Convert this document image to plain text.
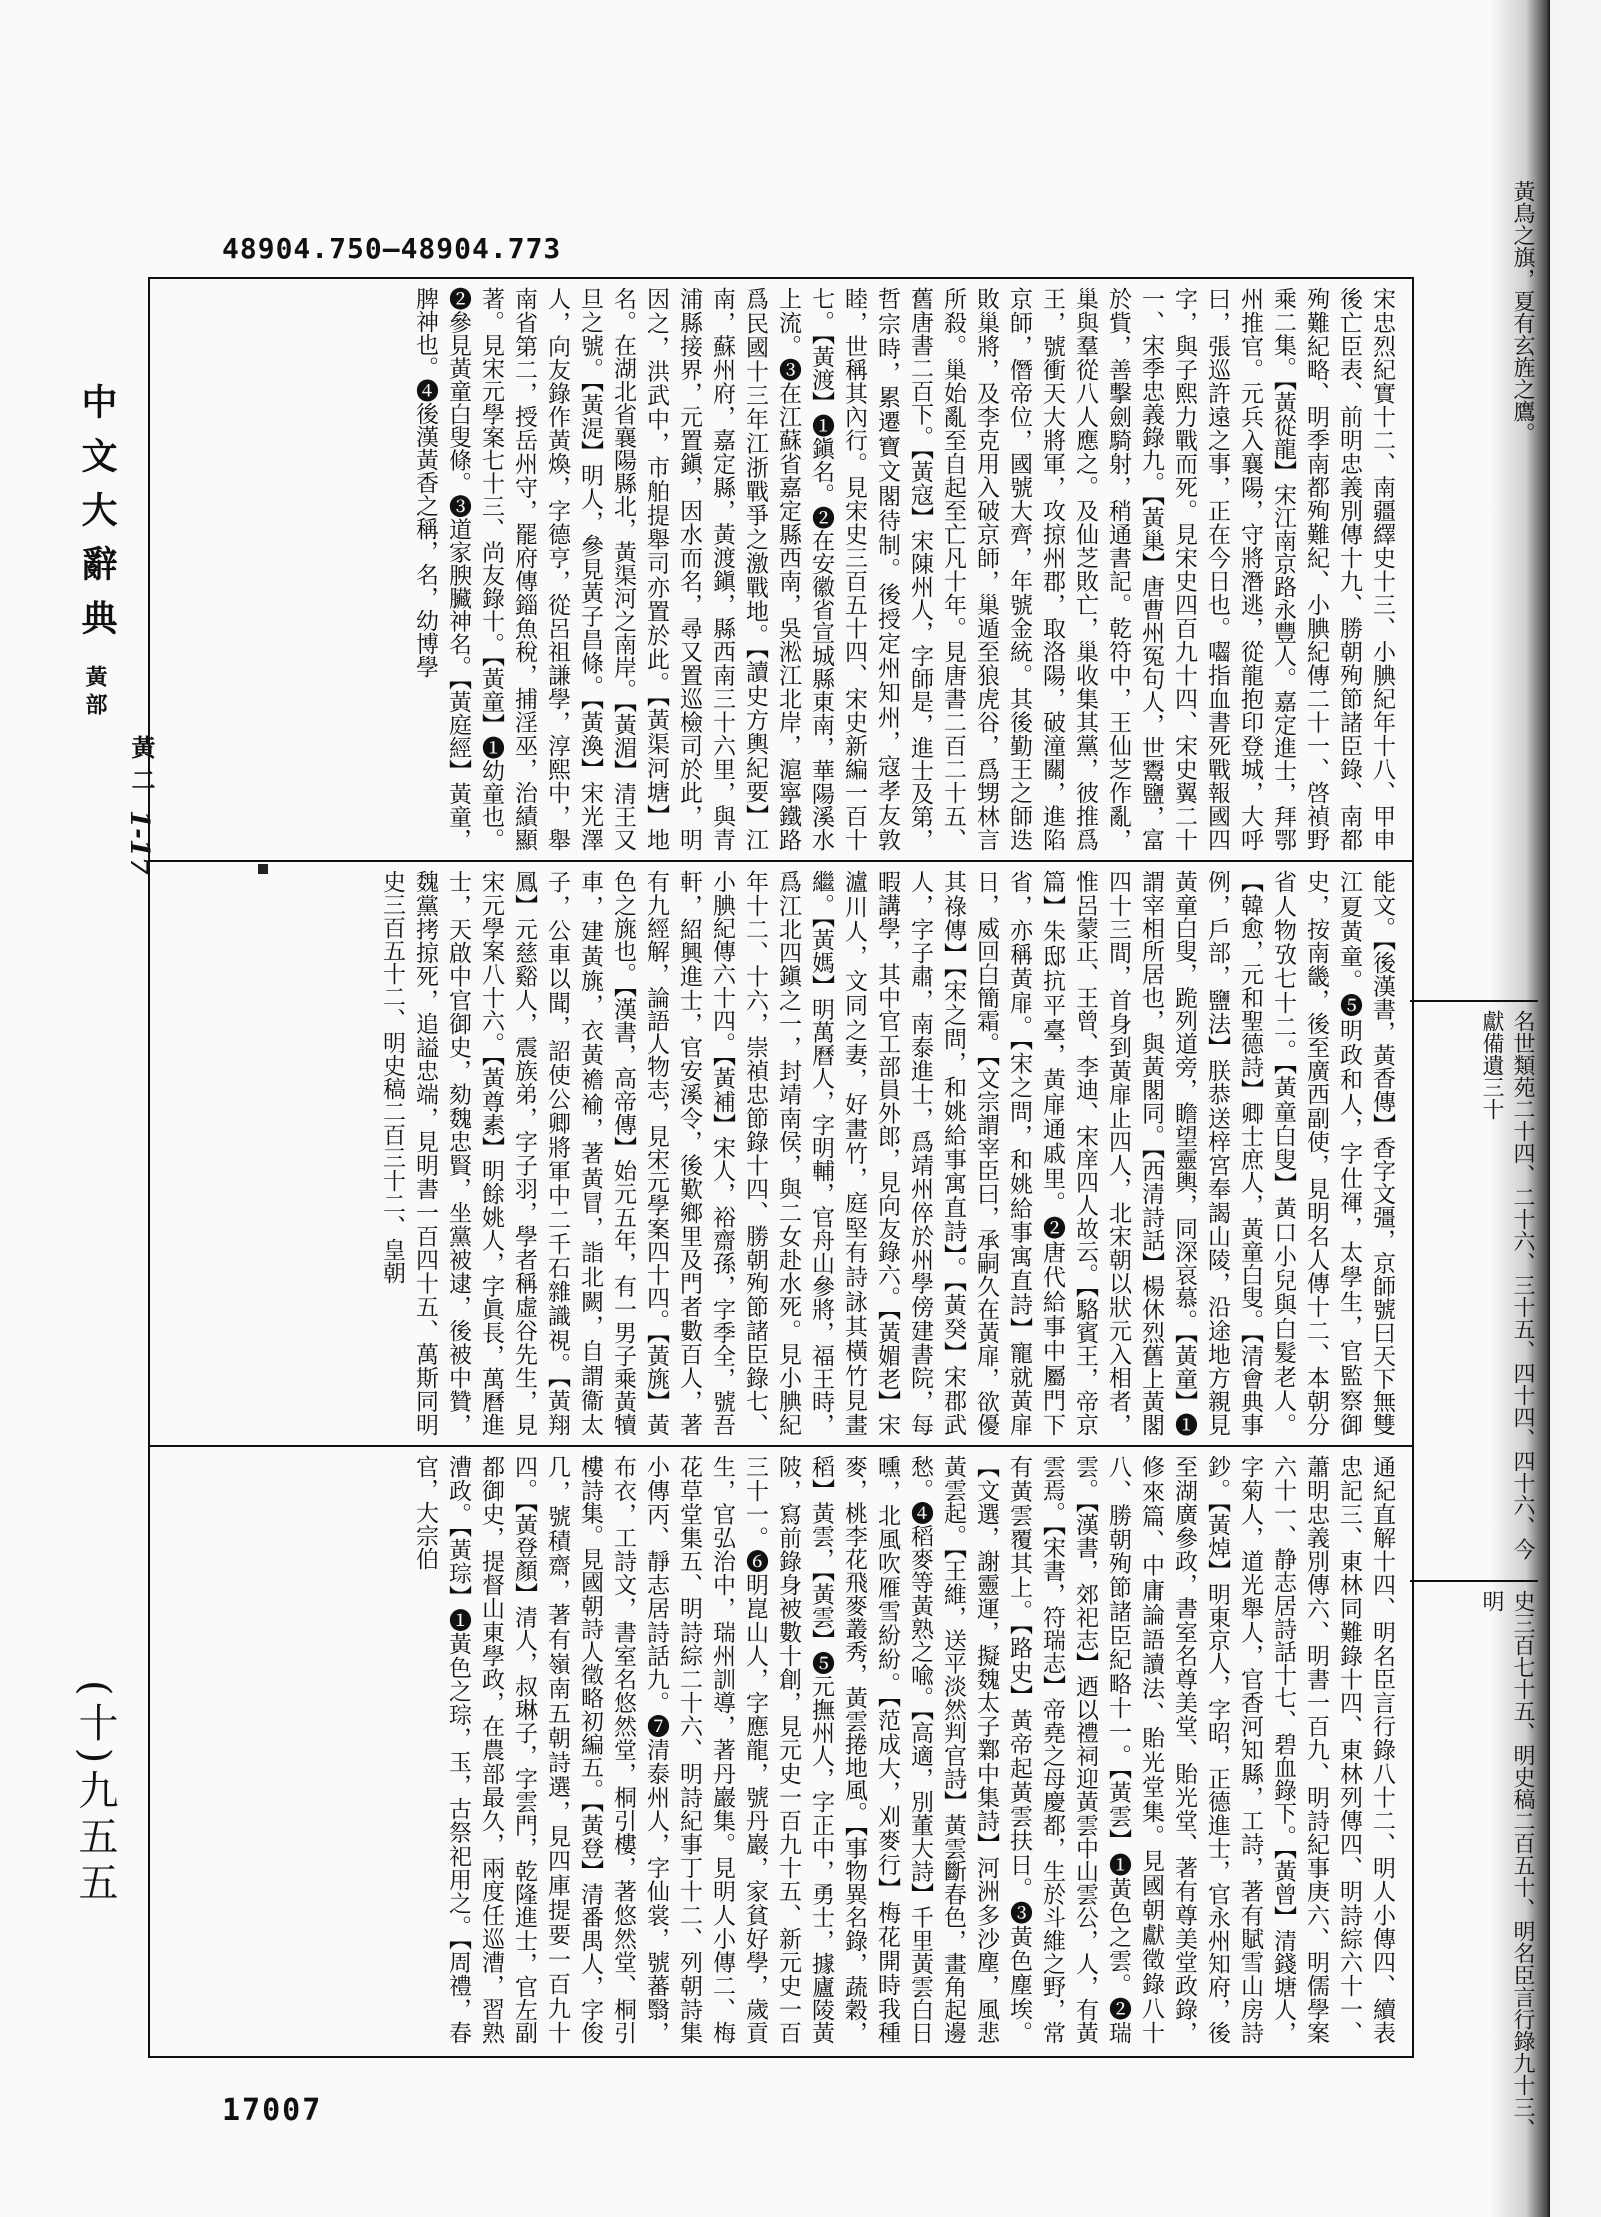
48904.750—48904.773
宋忠烈紀實十二、南疆繹史十三、小腆紀年十八、甲申後亡臣表、前明忠義別傳十九、勝朝殉節諸臣錄、南都殉難紀略、明季南都殉難紀、小腆紀傳二十一、啓禎野乘二集。【黃從龍】宋江南京路永豐人。嘉定進士，拜鄂州推官。元兵入襄陽，守將潛逃，從龍抱印登城，大呼曰，張巡許遠之事，正在今日也。囓指血書死戰報國四字，與子熙力戰而死。見宋史四百九十四、宋史翼二十一、宋季忠義錄九。【黃巢】唐曹州冤句人，世鬻鹽，富於貲，善擊劍騎射，稍通書記。乾符中，王仙芝作亂，巢與羣從八人應之。及仙芝敗亡，巢收集其黨，彼推爲王，號衝天大將軍，攻掠州郡，取洛陽，破潼關，進陷京師，僭帝位，國號大齊，年號金統。其後勤王之師迭敗巢將，及李克用入破京師，巢遁至狼虎谷，爲甥林言所殺。巢始亂至自起至亡凡十年。見唐書二百二十五、舊唐書二百下。【黃寇】宋陳州人，字師是，進士及第，哲宗時，累遷寶文閣待制。後授定州知州，寇孝友敦睦，世稱其內行。見宋史三百五十四、宋史新編一百十七。【黃渡】❶鎭名。❷在安徽省宣城縣東南，華陽溪水上流。❸在江蘇省嘉定縣西南，吳淞江北岸，滬寧鐵路爲民國十三年江浙戰爭之激戰地。【讀史方輿紀要】江南，蘇州府，嘉定縣，黃渡鎭，縣西南三十六里，與青浦縣接界，元置鎭，因水而名，尋又置巡檢司於此，明因之，洪武中，市舶提舉司亦置於此。【黃渠河塘】地名。在湖北省襄陽縣北，黃渠河之南岸。【黃湄】清王又旦之號。【黃湜】明人，參見黃子昌條。【黃渙】宋光澤人，向友錄作黃煥，字德亨，從呂祖謙學，淳熙中，舉南省第二，授岳州守，罷府傳錙魚稅，捕淫巫，治績顯著。見宋元學案七十三、尚友錄十。【黃童】❶幼童也。❷參見黃童白叟條。❸道家腴臟神名。【黃庭經】黃童，脾神也。❹後漢黃香之稱，名，幼博學
能文。【後漢書，黃香傳】香字文彊，京師號曰天下無雙江夏黃童。❺明政和人，字仕禈，太學生，官監察御史，按南畿，後至廣西副使，見明名人傳十二、本朝分省人物攷七十二。【黃童白叟】黃口小兒與白髮老人。【韓愈，元和聖德詩】卿士庶人，黃童白叟。【清會典事例，戶部，鹽法】朕恭送梓宮奉謁山陵，沿途地方親見黃童白叟，跪列道旁，瞻望靈輿，同深哀慕。【黃童】❶謂宰相所居也，與黃閣同。【西清詩話】楊休烈舊上黃閣四十三間，首身到黃扉止四人，北宋朝以狀元入相者，惟呂蒙正、王曾、李迪、宋庠四人故云。【駱賓王，帝京篇】朱邸抗平臺，黃扉通戚里。❷唐代給事中屬門下省，亦稱黃扉。【宋之問，和姚給事寓直詩】寵就黃扉日，威回白簡霜。【文宗謂宰臣曰，承嗣久在黃扉，欲優其祿傳】【宋之問，和姚給事寓直詩】。【黃癸】宋郡武人，字子肅，南泰進士，爲靖州倅於州學傍建書院，每暇講學，其中官工部員外郎，見向友錄六。【黃媚老】宋瀘川人，文同之妻，好畫竹，庭堅有詩詠其橫竹見畫繼。【黃媽】明萬曆人，字明輔，官舟山參將，福王時，爲江北四鎭之一，封靖南侯，與二女赴水死。見小腆紀年十二、十六，崇禎忠節錄十四、勝朝殉節諸臣錄七、小腆紀傳六十四。【黃補】宋人，裕齋孫，字季全，號吾軒，紹興進士，官安溪令，後歎鄉里及門者數百人，著有九經解，論語人物志，見宋元學案四十四。【黃旐】黃色之旐也。【漢書，高帝傳】始元五年，有一男子乘黃犢車，建黃旐，衣黃襜褕，著黃冒，詣北闕，自謂衞太子，公車以聞，詔使公卿將軍中二千石雜識視。【黃翔鳳】元慈谿人，震族弟，字子羽，學者稱虛谷先生，見宋元學案八十六。【黃尊素】明餘姚人，字眞長，萬曆進士，天啟中官御史，劾魏忠賢，坐黨被逮，後被中贊，魏黨拷掠死，追謚忠端，見明書一百四十五、萬斯同明史三百五十二、明史稿二百三十二、皇朝
通紀直解十四、明名臣言行錄八十二、明人小傳四、續表忠記三、東林同難錄十四、東林列傳四、明詩綜六十一、蕭明忠義別傳六、明書一百九、明詩紀事庚六、明儒學案六十一、静志居詩話十七、碧血錄下。【黃曾】清錢塘人，字菊人，道光舉人，官香河知縣，工詩，著有賦雪山房詩鈔。【黃焯】明東京人，字昭，正德進士，官永州知府，後至湖廣參政，書室名尊美堂、貽光堂、著有尊美堂政錄，修來篇、中庸論語讀法、貽光堂集。見國朝獻徵錄八十八、勝朝殉節諸臣紀略十一。【黃雲】❶黃色之雲。❷瑞雲。【漢書，郊祀志】迺以禮祠迎黃雲中山雲公，人，有黃雲焉。【宋書，符瑞志】帝堯之母慶都，生於斗維之野，常有黃雲覆其上。【路史】黃帝起黃雲扶日。❸黃色塵埃。【文選，謝靈運，擬魏太子鄴中集詩】河洲多沙塵，風悲黃雲起。【王維，送平淡然判官詩】黃雲斷春色，畫角起邊愁。❹稻麥等黃熟之喩。【高適，別董大詩】千里黃雲白日曛，北風吹雁雪紛紛。【范成大，刈麥行】梅花開時我種麥，桃李花飛麥叢秀，黃雲捲地風。【事物異名錄，蔬穀，稻】黃雲，【黃雲】❺元撫州人，字正中，勇士，據廬陵黃陂，寫前錄身被數十創，見元史一百九十五、新元史一百三十一。❻明崑山人，字應龍，號丹巖，家貧好學，歲貢生，官弘治中，瑞州訓導，著丹巖集。見明人小傳二、梅花草堂集五、明詩綜二十六、明詩紀事丁十二、列朝詩集小傳丙、靜志居詩話九。❼清泰州人，字仙裳，號蕃翳，布衣，工詩文，書室名悠然堂，桐引樓，著悠然堂、桐引樓詩集。見國朝詩人徵略初編五。【黃登】清番禺人，字俊几，號積齋，著有嶺南五朝詩選，見四庫提要一百九十四。【黃登顏】清人，叔琳子，字雲門，乾隆進士，官左副都御史，提督山東學政，在農部最久，兩度任巡漕，習熟漕政。【黃琮】❶黃色之琮，玉，古祭祀用之。【周禮，春官，大宗伯
中文大辭典
黃部
黃 二
1-17
(十)九五五
17007
黃鳥之旗，夏有玄旌之鷹。
名世類苑二十四、二十六、三十五、四十四、四十六、今獻備遺三十
史三百七十五、明史稿二百五十、明名臣言行錄九十三、明
